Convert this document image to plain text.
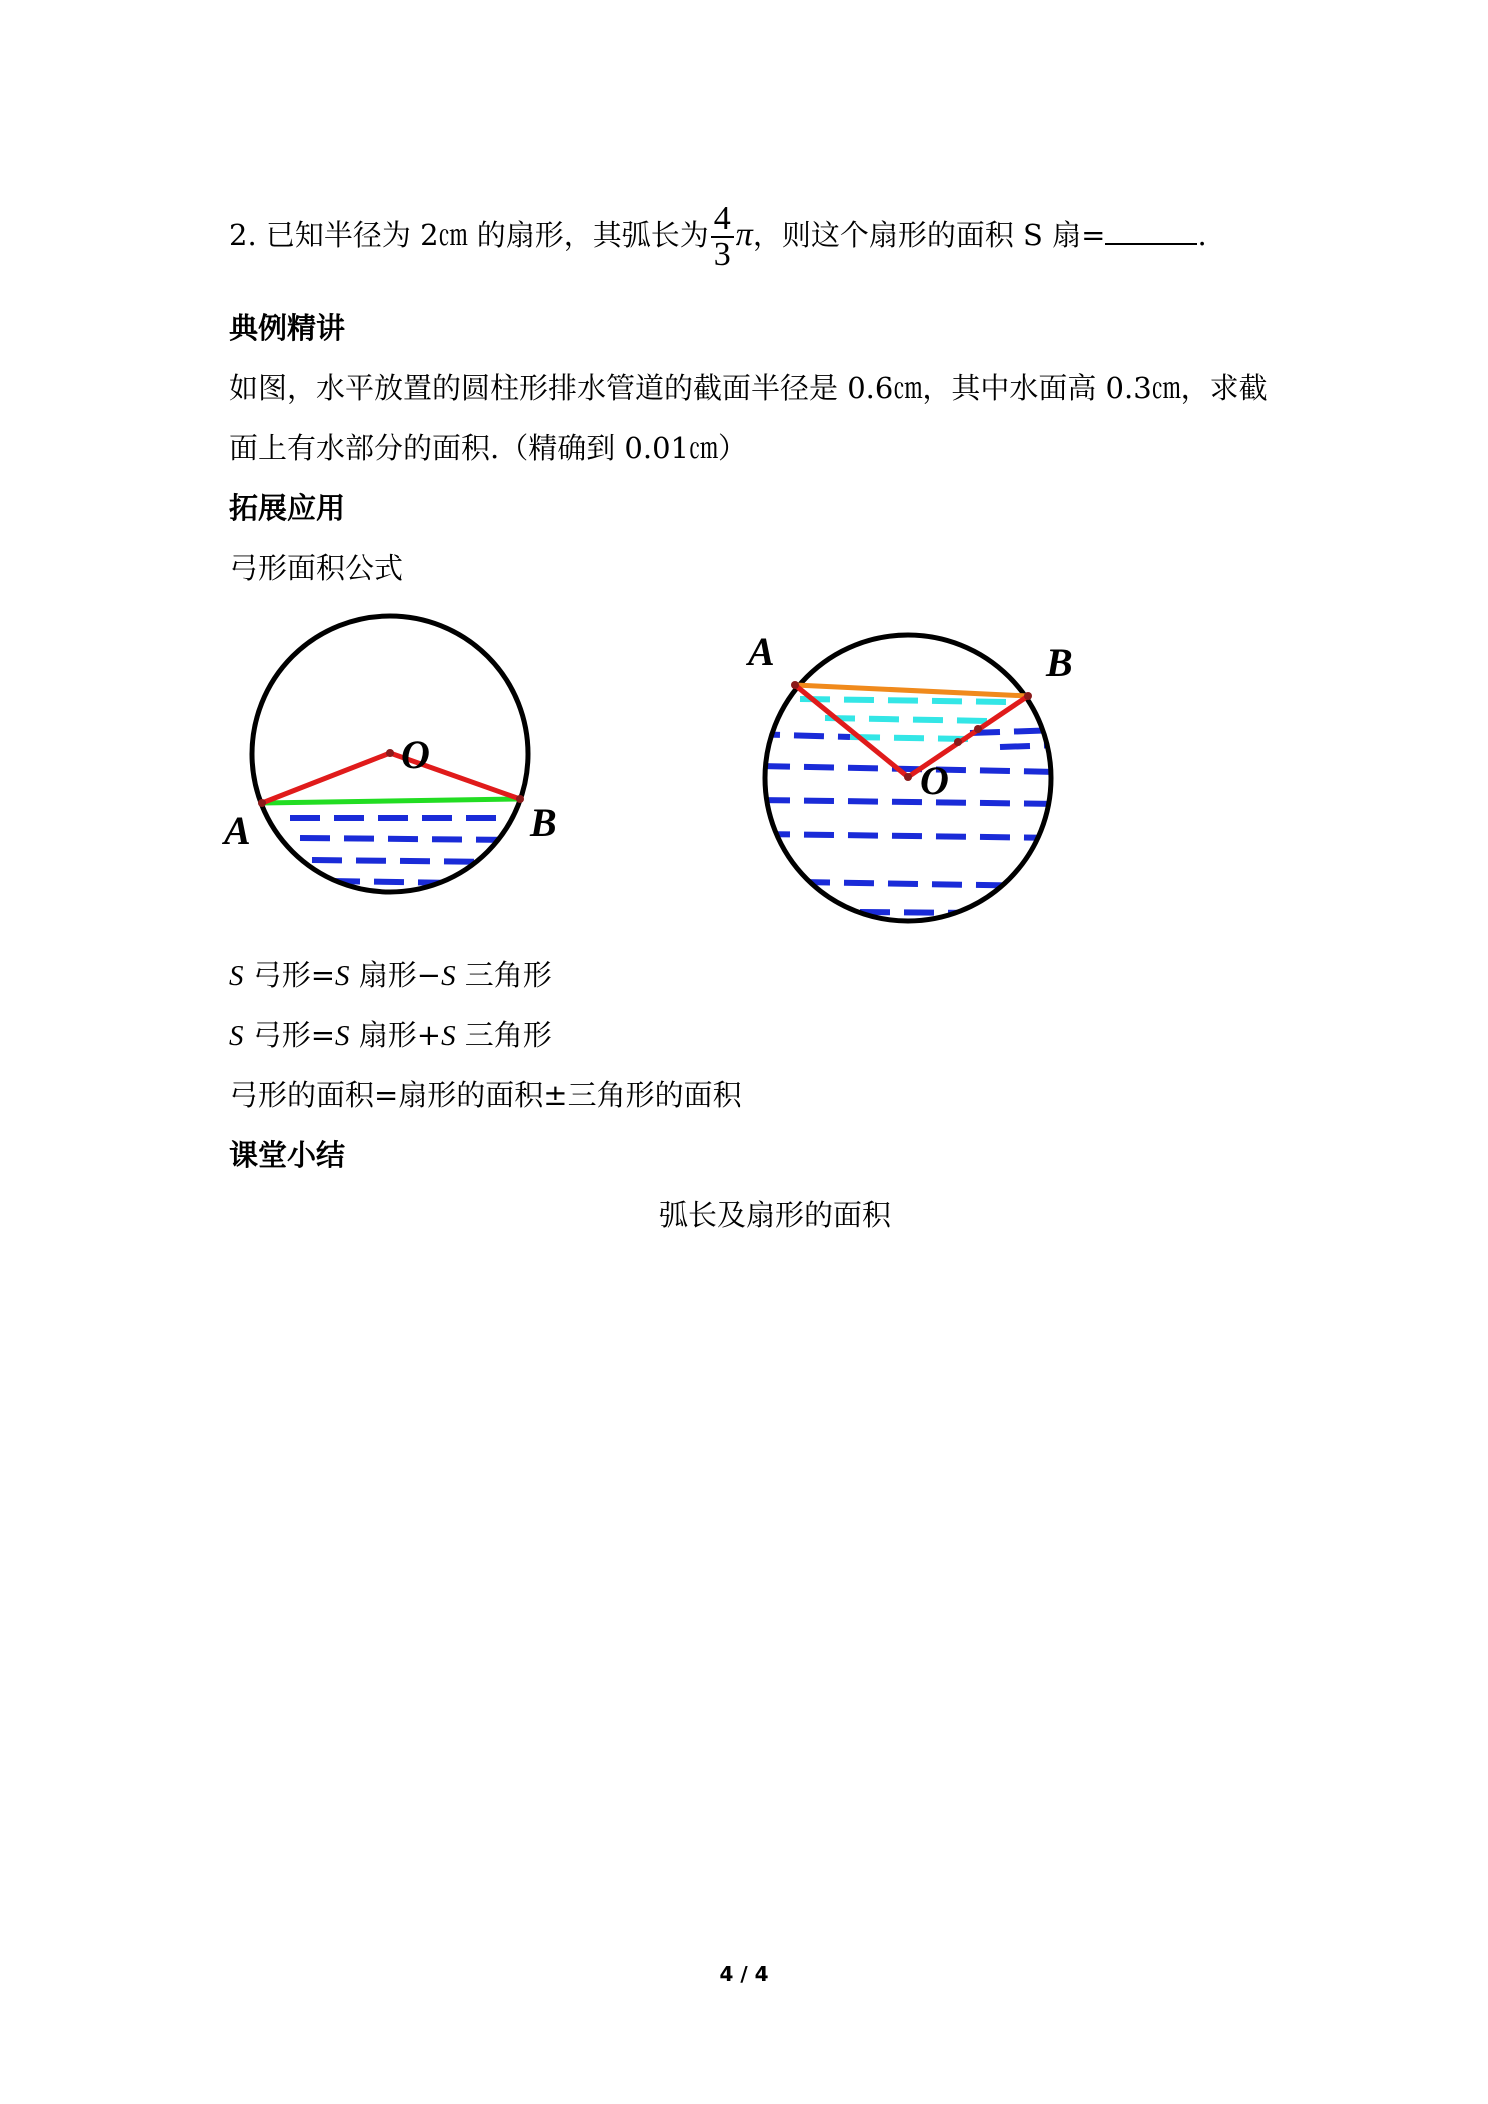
2. 已知半径为 2㎝ 的扇形，其弧长为 $\frac{4}{3}$ π，则这个扇形的面积 S 扇=	.
典例精讲
如图，水平放置的圆柱形排水管道的截面半径是 0.6㎝，其中水面高 0.3㎝，求截
面上有水部分的面积.（精确到 0.01㎝）
拓展应用
弓形面积公式
O
A	B
O
A	B
S 弓形=S 扇形−S 三角形
S 弓形=S 扇形+S 三角形
弓形的面积=扇形的面积±三角形的面积
课堂小结
弧长及扇形的面积
4 / 4
